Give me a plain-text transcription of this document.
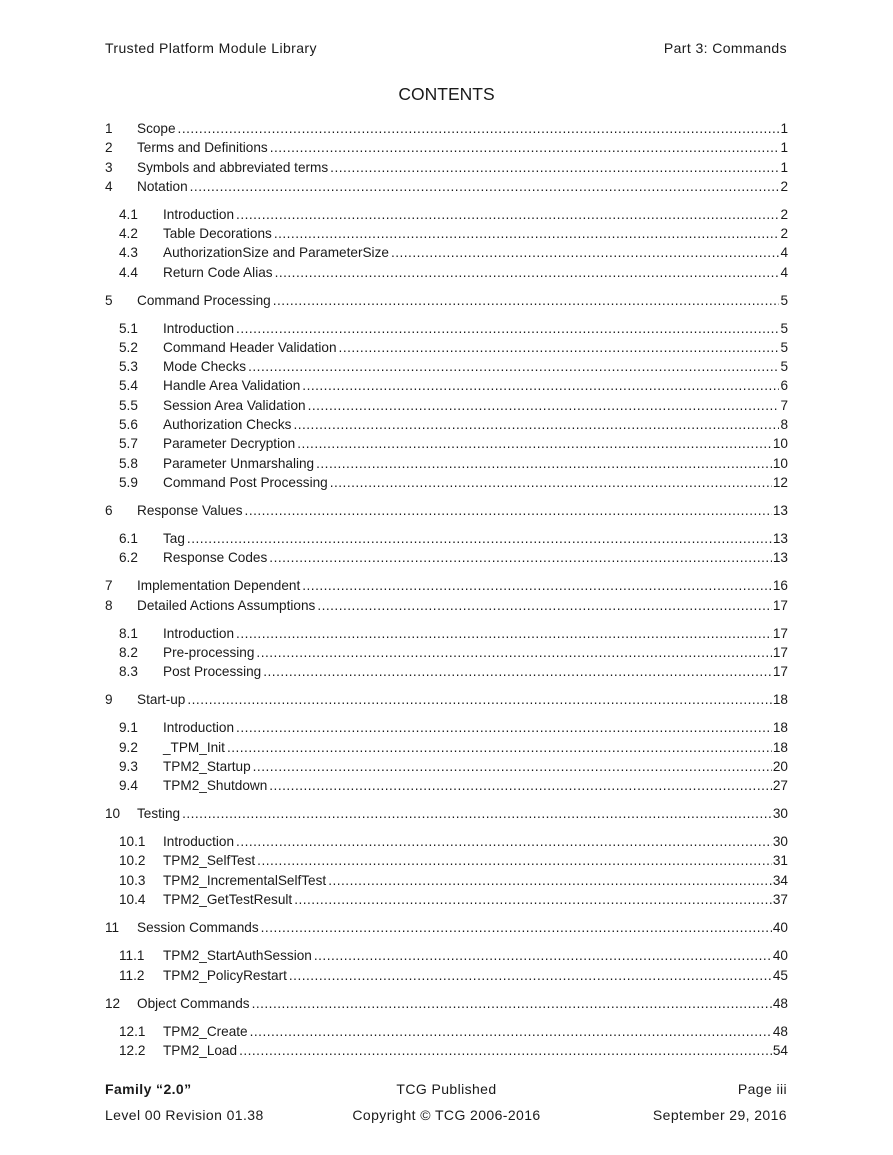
Trusted Platform Module Library	Part 3: Commands
CONTENTS
1	Scope .....	1
2	Terms and Definitions .....	1
3	Symbols and abbreviated terms .....	1
4	Notation .....	2
4.1	Introduction .....	2
4.2	Table Decorations .....	2
4.3	AuthorizationSize and ParameterSize .....	4
4.4	Return Code Alias .....	4
5	Command Processing .....	5
5.1	Introduction .....	5
5.2	Command Header Validation .....	5
5.3	Mode Checks .....	5
5.4	Handle Area Validation .....	6
5.5	Session Area Validation .....	7
5.6	Authorization Checks .....	8
5.7	Parameter Decryption .....	10
5.8	Parameter Unmarshaling .....	10
5.9	Command Post Processing .....	12
6	Response Values .....	13
6.1	Tag .....	13
6.2	Response Codes .....	13
7	Implementation Dependent .....	16
8	Detailed Actions Assumptions .....	17
8.1	Introduction .....	17
8.2	Pre-processing .....	17
8.3	Post Processing .....	17
9	Start-up .....	18
9.1	Introduction .....	18
9.2	_TPM_Init .....	18
9.3	TPM2_Startup .....	20
9.4	TPM2_Shutdown .....	27
10	Testing .....	30
10.1	Introduction .....	30
10.2	TPM2_SelfTest .....	31
10.3	TPM2_IncrementalSelfTest .....	34
10.4	TPM2_GetTestResult .....	37
11	Session Commands .....	40
11.1	TPM2_StartAuthSession .....	40
11.2	TPM2_PolicyRestart .....	45
12	Object Commands .....	48
12.1	TPM2_Create .....	48
12.2	TPM2_Load .....	54
Family “2.0”	TCG Published	Page iii
Level 00 Revision 01.38	Copyright © TCG 2006-2016	September 29, 2016
